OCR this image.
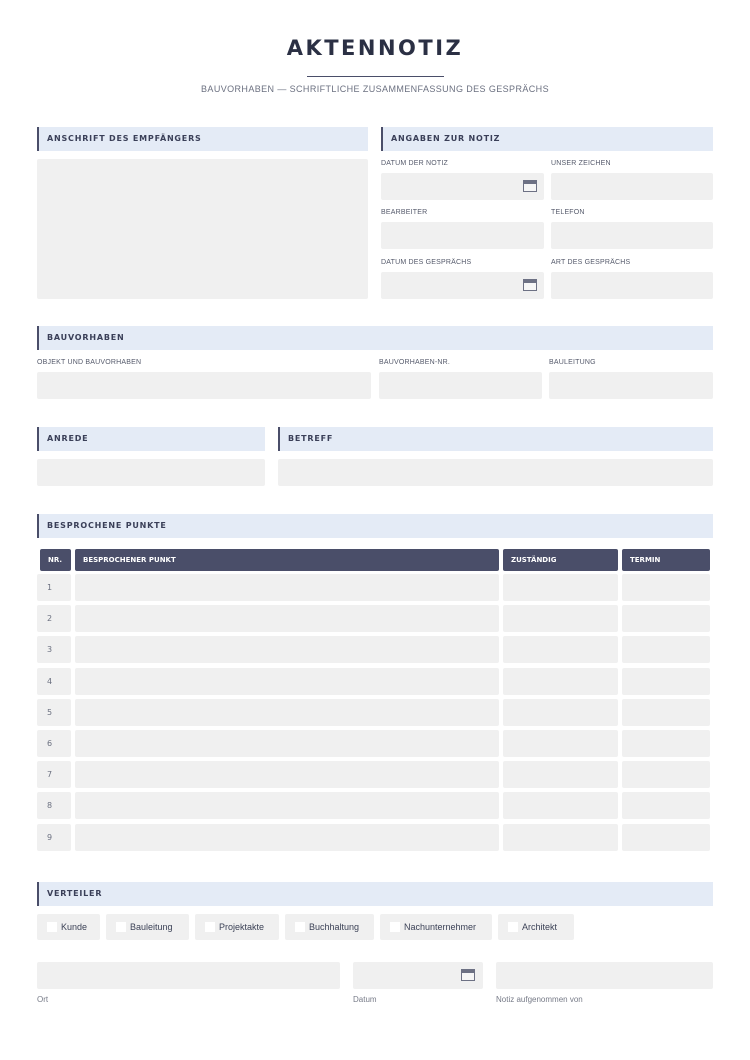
AKTENNOTIZ
BAUVORHABEN — SCHRIFTLICHE ZUSAMMENFASSUNG DES GESPRÄCHS
ANSCHRIFT DES EMPFÄNGERS	ANGABEN ZUR NOTIZ
DATUM DER NOTIZ	UNSER ZEICHEN
BEARBEITER	TELEFON
DATUM DES GESPRÄCHS	ART DES GESPRÄCHS
BAUVORHABEN
OBJEKT UND BAUVORHABEN	BAUVORHABEN-NR.	BAULEITUNG
ANREDE	BETREFF
BESPROCHENE PUNKTE
NR.	BESPROCHENER PUNKT	ZUSTÄNDIG	TERMIN
1
2
3
4
5
6
7
8
9
VERTEILER
Kunde	Bauleitung	Projektakte	Buchhaltung	Nachunternehmer	Architekt
Ort	Datum	Notiz aufgenommen von
